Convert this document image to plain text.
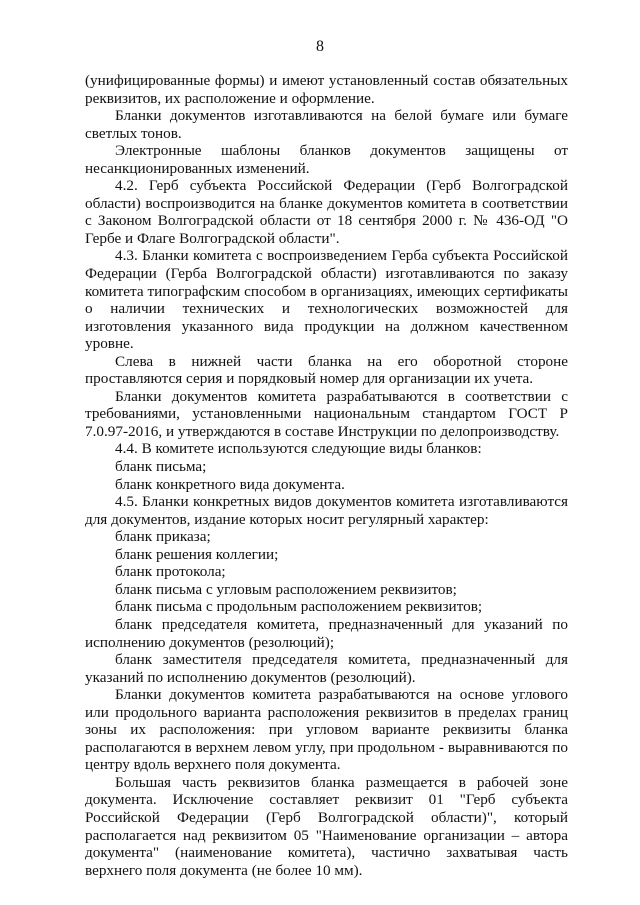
8

(унифицированные формы) и имеют установленный состав обязательных реквизитов, их расположение и оформление.

Бланки документов изготавливаются на белой бумаге или бумаге светлых тонов.

Электронные шаблоны бланков документов защищены от несанкционированных изменений.

4.2. Герб субъекта Российской Федерации (Герб Волгоградской области) воспроизводится на бланке документов комитета в соответствии с Законом Волгоградской области от 18 сентября 2000 г. № 436-ОД "О Гербе и Флаге Волгоградской области".

4.3. Бланки комитета с воспроизведением Герба субъекта Российской Федерации (Герба Волгоградской области) изготавливаются по заказу комитета типографским способом в организациях, имеющих сертификаты о наличии технических и технологических возможностей для изготовления указанного вида продукции на должном качественном уровне.

Слева в нижней части бланка на его оборотной стороне проставляются серия и порядковый номер для организации их учета.

Бланки документов комитета разрабатываются в соответствии с требованиями, установленными национальным стандартом ГОСТ Р 7.0.97-2016, и утверждаются в составе Инструкции по делопроизводству.

4.4. В комитете используются следующие виды бланков:

бланк письма;

бланк конкретного вида документа.

4.5. Бланки конкретных видов документов комитета изготавливаются для документов, издание которых носит регулярный характер:

бланк приказа;

бланк решения коллегии;

бланк протокола;

бланк письма с угловым расположением реквизитов;

бланк письма с продольным расположением реквизитов;

бланк председателя комитета, предназначенный для указаний по исполнению документов (резолюций);

бланк заместителя председателя комитета, предназначенный для указаний по исполнению документов (резолюций).

Бланки документов комитета разрабатываются на основе углового или продольного варианта расположения реквизитов в пределах границ зоны их расположения: при угловом варианте реквизиты бланка располагаются в верхнем левом углу, при продольном - выравниваются по центру вдоль верхнего поля документа.

Большая часть реквизитов бланка размещается в рабочей зоне документа. Исключение составляет реквизит 01 "Герб субъекта Российской Федерации (Герб Волгоградской области)", который располагается над реквизитом 05 "Наименование организации – автора документа" (наименование комитета), частично захватывая часть верхнего поля документа (не более 10 мм).
